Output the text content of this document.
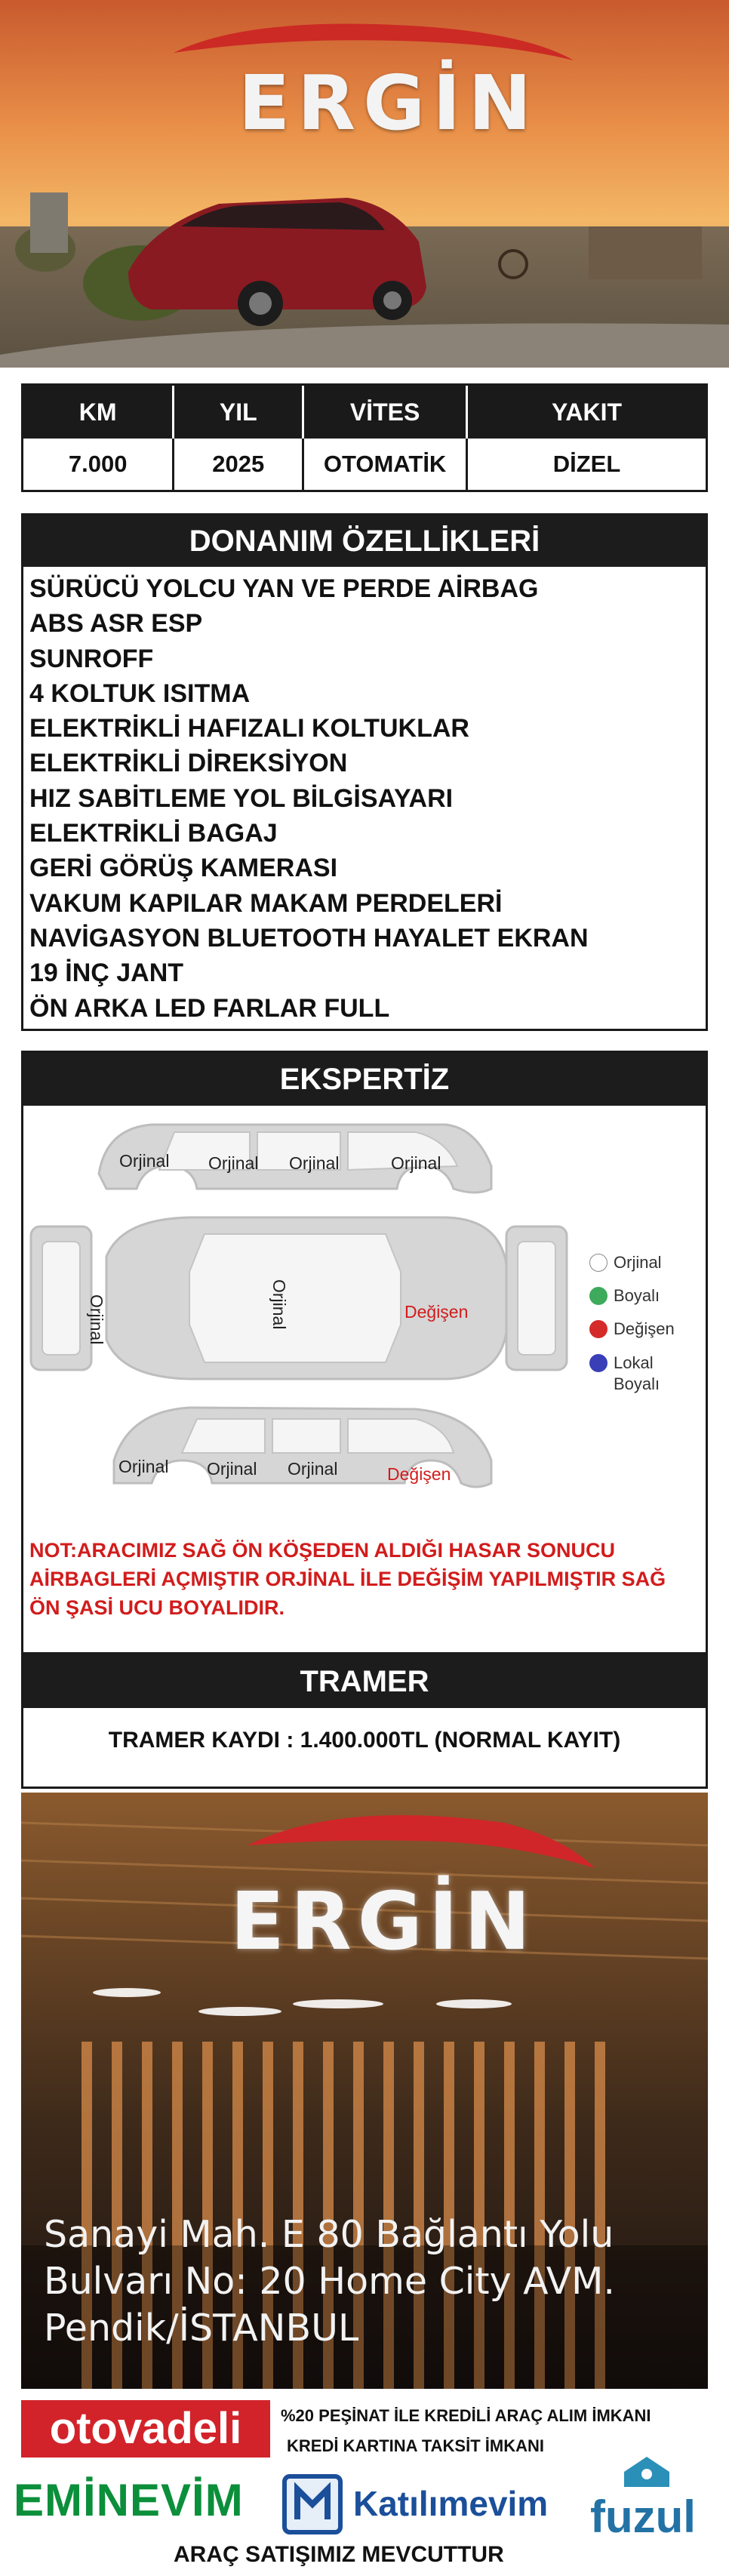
ERGİN
KM	YIL	VİTES	YAKIT
7.000	2025	OTOMATİK	DİZEL
DONANIM ÖZELLİKLERİ
SÜRÜCÜ YOLCU YAN VE PERDE AİRBAG
ABS ASR ESP
SUNROFF
4 KOLTUK ISITMA
ELEKTRİKLİ HAFIZALI KOLTUKLAR
ELEKTRİKLİ DİREKSİYON
HIZ SABİTLEME YOL BİLGİSAYARI
ELEKTRİKLİ BAGAJ
GERİ GÖRÜŞ KAMERASI
VAKUM KAPILAR MAKAM PERDELERİ
NAVİGASYON BLUETOOTH HAYALET EKRAN
19 İNÇ JANT
ÖN ARKA LED FARLAR FULL
EKSPERTİZ
Orjinal Orjinal Orjinal	Orjinal
Orjinal	Orjinal	Değişen
Orjinal Orjinal Orjinal	Değişen
Orjinal
Boyalı
Değişen
Lokal Boyalı
NOT:ARACIMIZ SAĞ ÖN KÖŞEDEN ALDIĞI HASAR SONUCU AİRBAGLERİ AÇMIŞTIR ORJİNAL İLE DEĞİŞİM YAPILMIŞTIR SAĞ ÖN ŞASİ UCU BOYALIDIR.
TRAMER
TRAMER KAYDI : 1.400.000TL (NORMAL KAYIT)
ERGİN
Sanayi Mah. E 80 Bağlantı Yolu Bulvarı No: 20 Home City AVM. Pendik/İSTANBUL
otovadeli	%20 PEŞİNAT İLE KREDİLİ ARAÇ ALIM İMKANI
KREDİ KARTINA TAKSİT İMKANI
EMİNEVİM	Katılımevim fuzul
ARAÇ SATIŞIMIZ MEVCUTTUR
